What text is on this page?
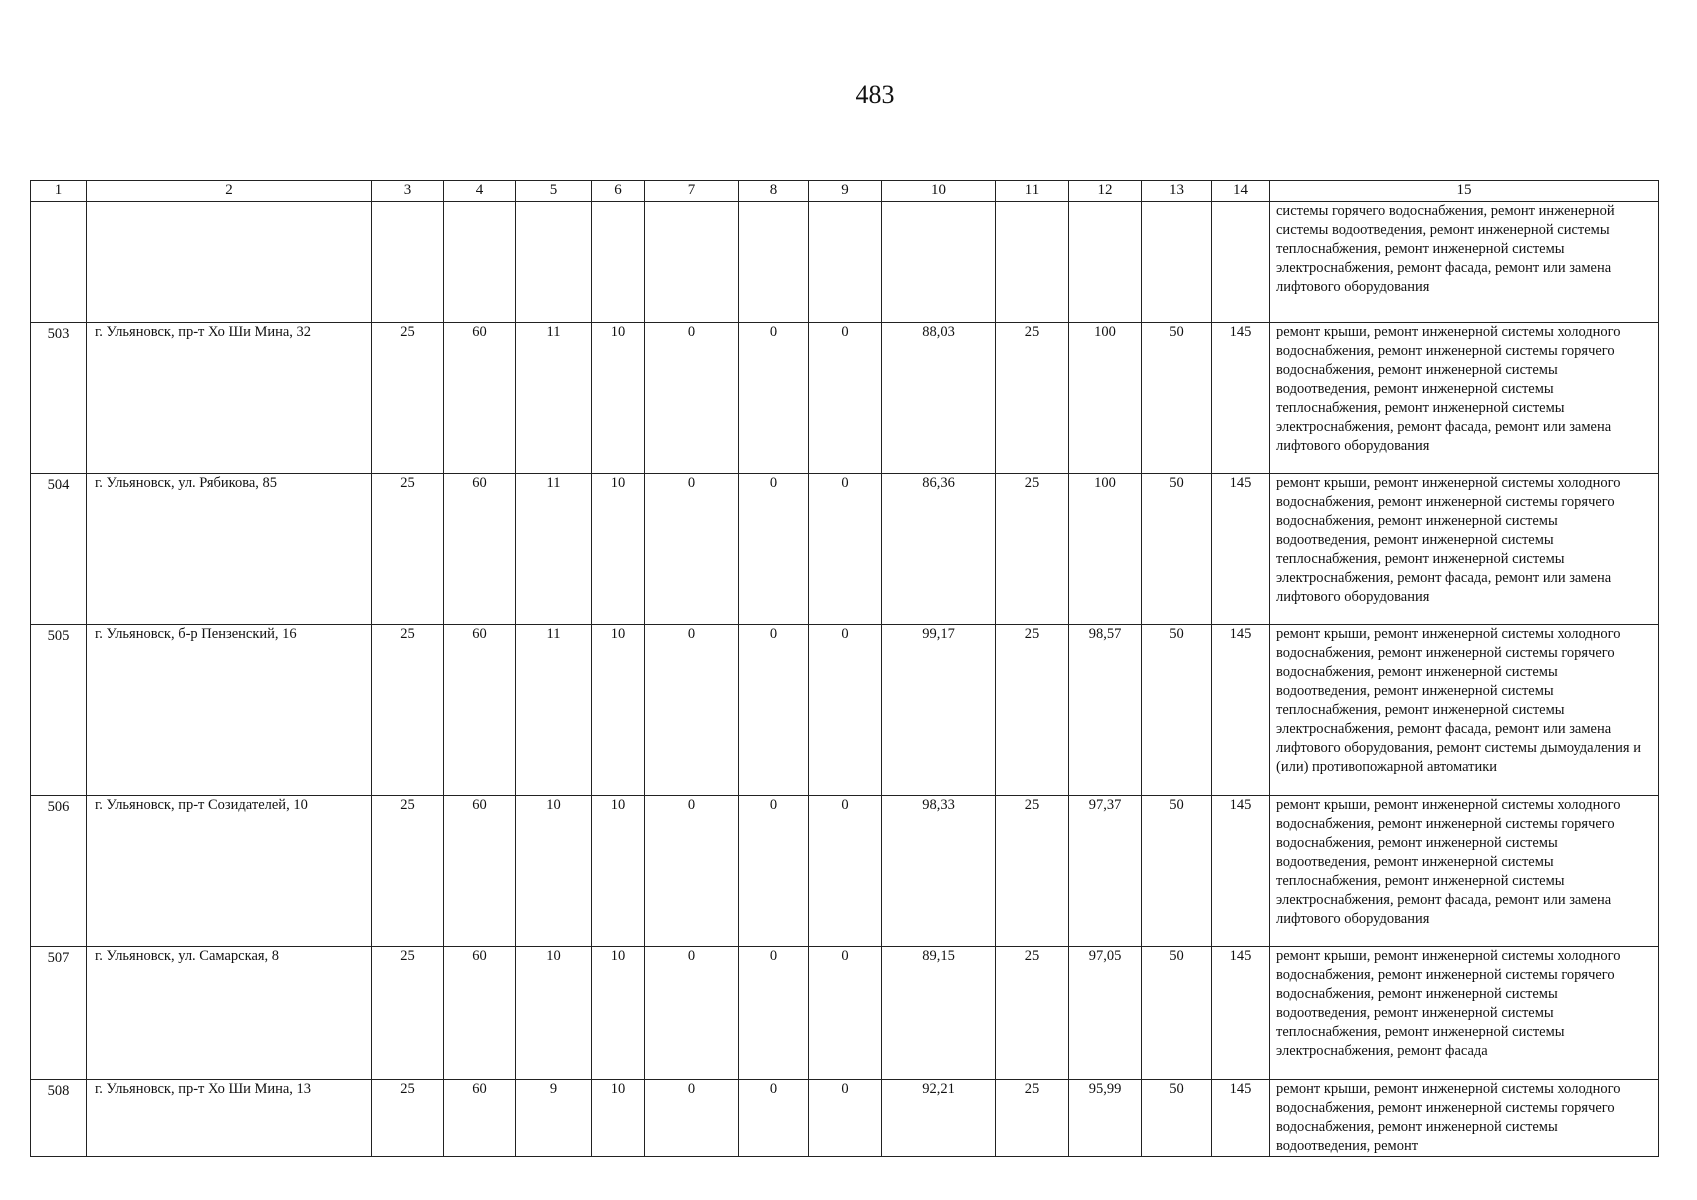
483
1	2	3	4	5	6	7	8	9	10	11	12	13	14	15
														системы горячего водоснабжения, ремонт инженерной системы водоотведения, ремонт инженерной системы теплоснабжения, ремонт инженерной системы электроснабжения, ремонт фасада, ремонт или замена лифтового оборудования
503	г. Ульяновск, пр-т Хо Ши Мина, 32	25	60	11	10	0	0	0	88,03	25	100	50	145	ремонт крыши, ремонт инженерной системы холодного водоснабжения, ремонт инженерной системы горячего водоснабжения, ремонт инженерной системы водоотведения, ремонт инженерной системы теплоснабжения, ремонт инженерной системы электроснабжения, ремонт фасада, ремонт или замена лифтового оборудования
504	г. Ульяновск, ул. Рябикова, 85	25	60	11	10	0	0	0	86,36	25	100	50	145	ремонт крыши, ремонт инженерной системы холодного водоснабжения, ремонт инженерной системы горячего водоснабжения, ремонт инженерной системы водоотведения, ремонт инженерной системы теплоснабжения, ремонт инженерной системы электроснабжения, ремонт фасада, ремонт или замена лифтового оборудования
505	г. Ульяновск, б-р Пензенский, 16	25	60	11	10	0	0	0	99,17	25	98,57	50	145	ремонт крыши, ремонт инженерной системы холодного водоснабжения, ремонт инженерной системы горячего водоснабжения, ремонт инженерной системы водоотведения, ремонт инженерной системы теплоснабжения, ремонт инженерной системы электроснабжения, ремонт фасада, ремонт или замена лифтового оборудования, ремонт системы дымоудаления и (или) противопожарной автоматики
506	г. Ульяновск, пр-т Созидателей, 10	25	60	10	10	0	0	0	98,33	25	97,37	50	145	ремонт крыши, ремонт инженерной системы холодного водоснабжения, ремонт инженерной системы горячего водоснабжения, ремонт инженерной системы водоотведения, ремонт инженерной системы теплоснабжения, ремонт инженерной системы электроснабжения, ремонт фасада, ремонт или замена лифтового оборудования
507	г. Ульяновск, ул. Самарская, 8	25	60	10	10	0	0	0	89,15	25	97,05	50	145	ремонт крыши, ремонт инженерной системы холодного водоснабжения, ремонт инженерной системы горячего водоснабжения, ремонт инженерной системы водоотведения, ремонт инженерной системы теплоснабжения, ремонт инженерной системы электроснабжения, ремонт фасада
508	г. Ульяновск, пр-т Хо Ши Мина, 13	25	60	9	10	0	0	0	92,21	25	95,99	50	145	ремонт крыши, ремонт инженерной системы холодного водоснабжения, ремонт инженерной системы горячего водоснабжения, ремонт инженерной системы водоотведения, ремонт
